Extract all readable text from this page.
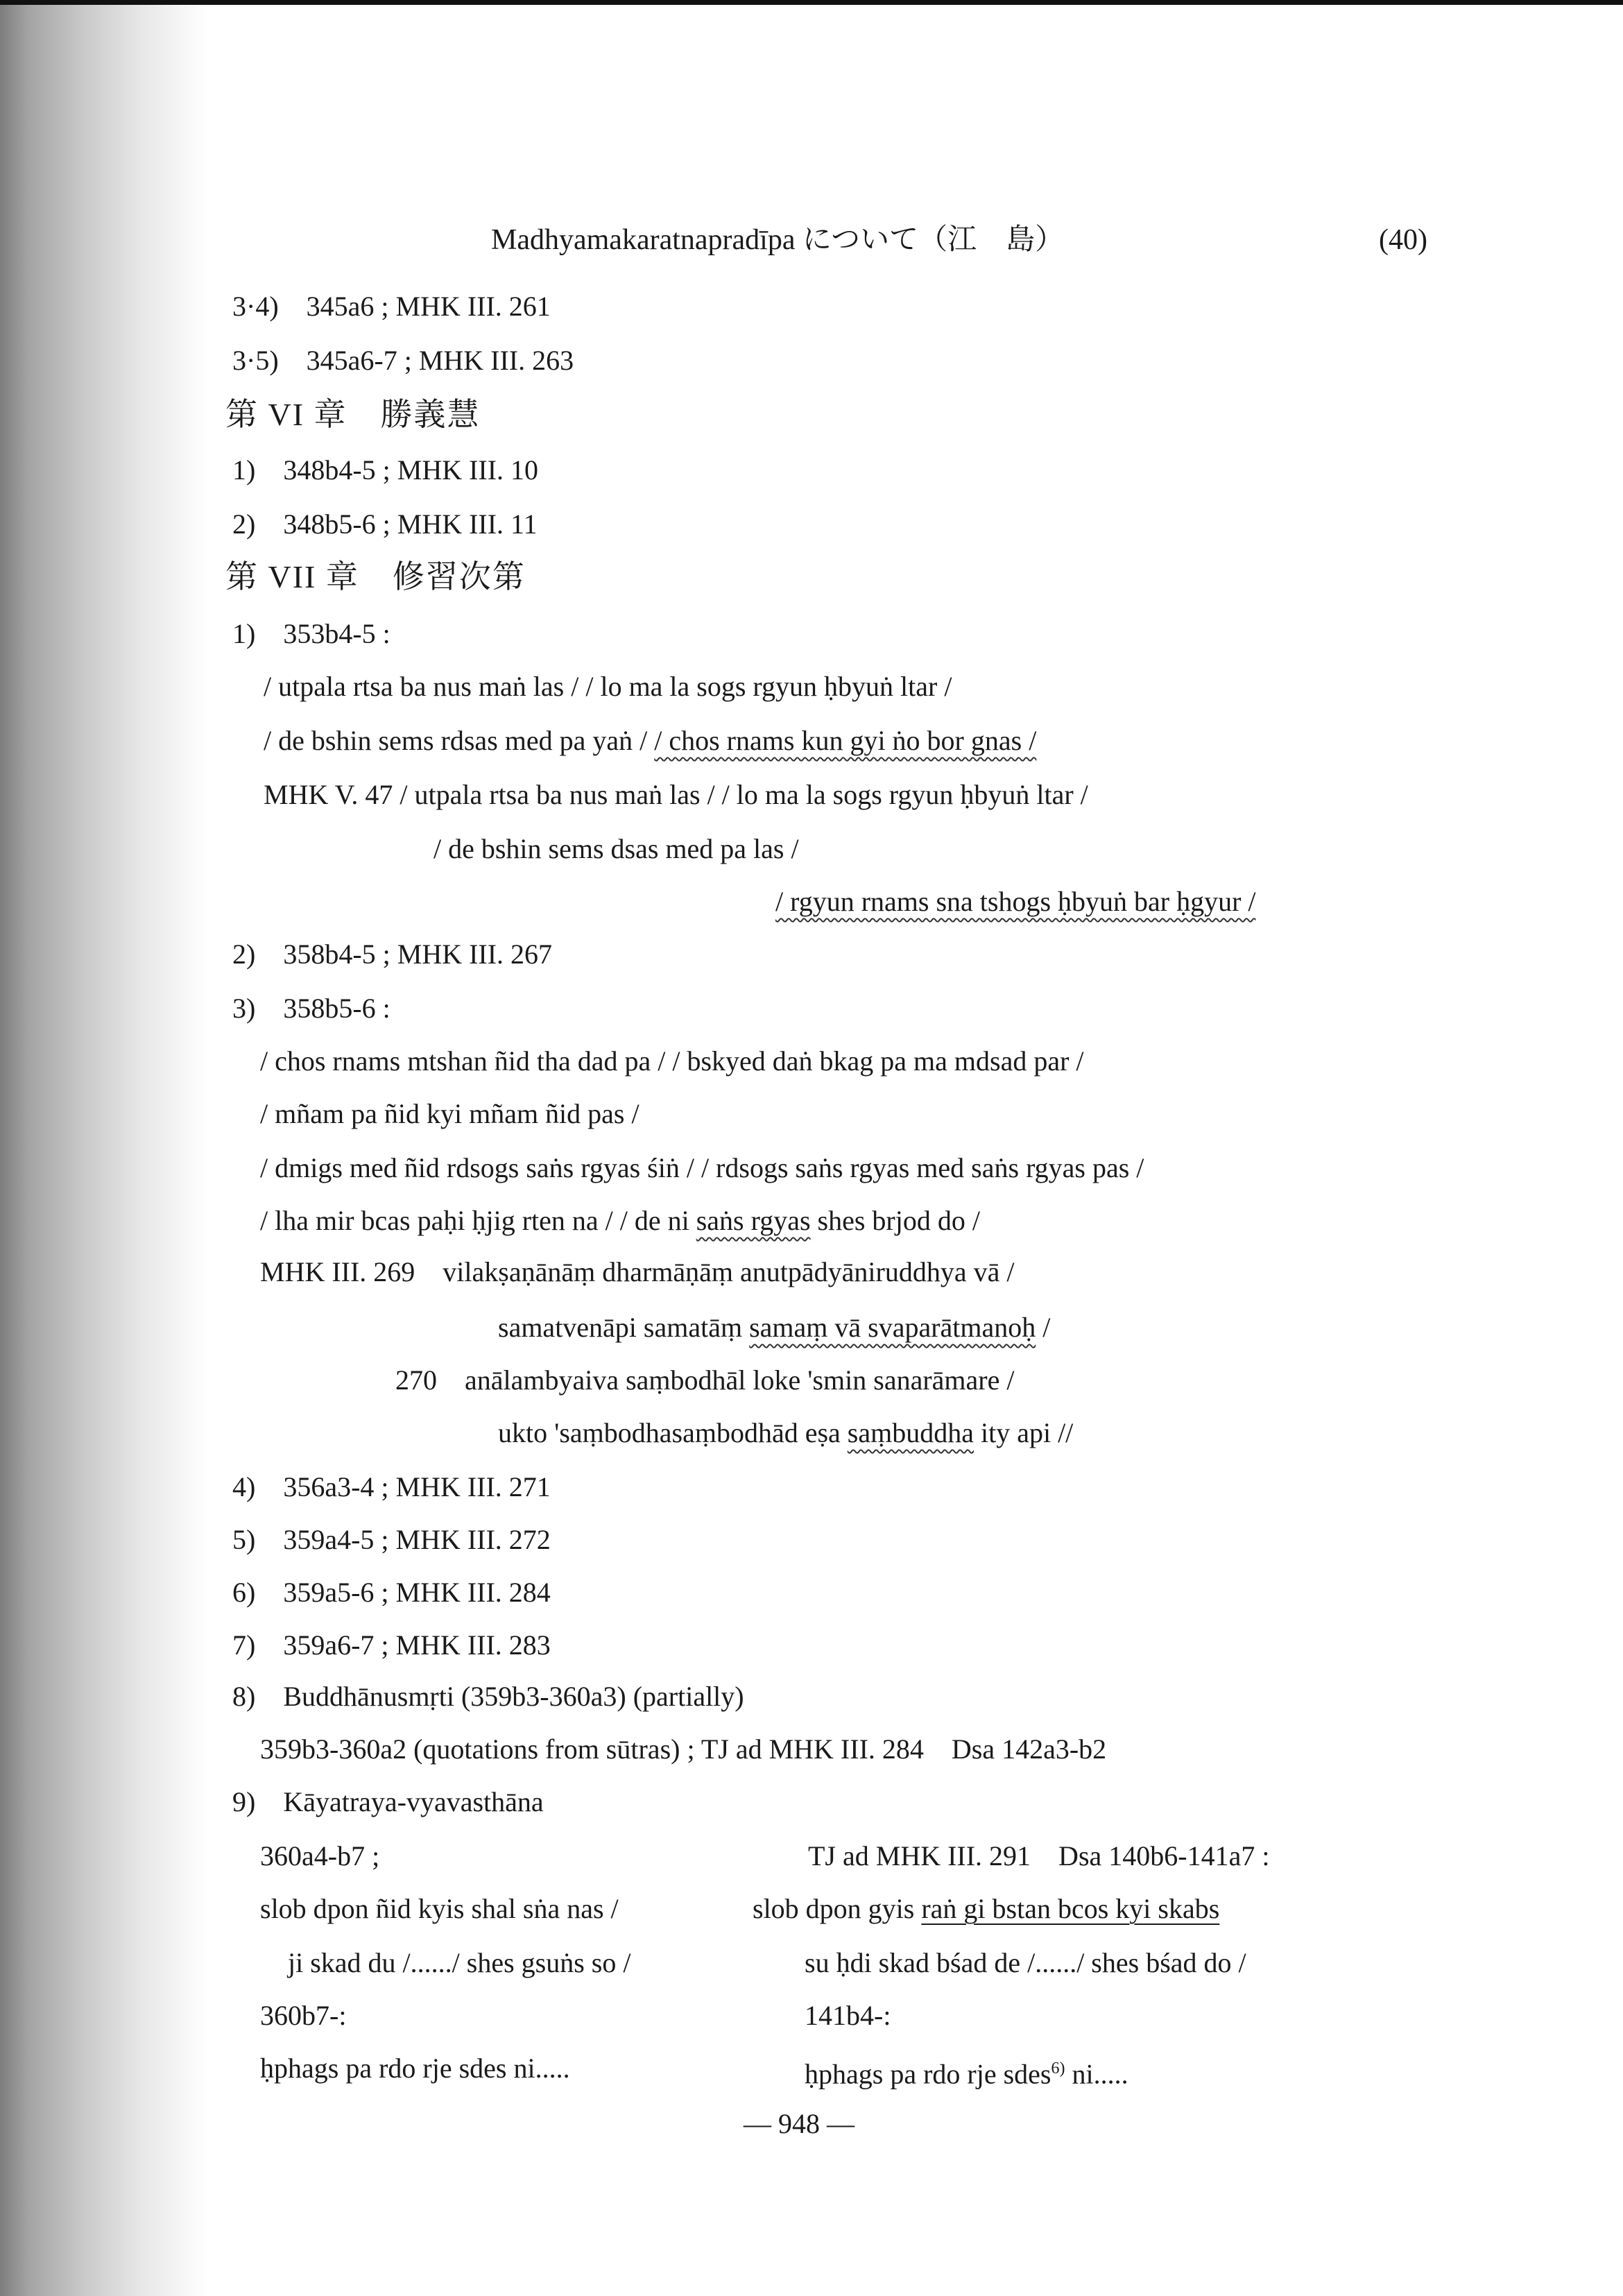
Madhyamakaratnapradīpa について（江　島）	(40)
3·4)　345a6 ; MHK III. 261
3·5)　345a6-7 ; MHK III. 263
第 VI 章　勝義慧
1)　348b4-5 ; MHK III. 10
2)　348b5-6 ; MHK III. 11
第 VII 章　修習次第
1)　353b4-5 :
/ utpala rtsa ba nus maṅ las / / lo ma la sogs rgyun ḥbyuṅ ltar /
/ de bshin sems rdsas med pa yaṅ / / chos rnams kun gyi ṅo bor gnas /
MHK V. 47 / utpala rtsa ba nus maṅ las / / lo ma la sogs rgyun ḥbyuṅ ltar /
/ de bshin sems dsas med pa las /
/ rgyun rnams sna tshogs ḥbyuṅ bar ḥgyur /
2)　358b4-5 ; MHK III. 267
3)　358b5-6 :
/ chos rnams mtshan ñid tha dad pa / / bskyed daṅ bkag pa ma mdsad par /
/ mñam pa ñid kyi mñam ñid pas /
/ dmigs med ñid rdsogs saṅs rgyas śiṅ / / rdsogs saṅs rgyas med saṅs rgyas pas /
/ lha mir bcas paḥi ḥjig rten na / / de ni saṅs rgyas shes brjod do /
MHK III. 269　vilakṣaṇānāṃ dharmāṇāṃ anutpādyāniruddhya vā /
samatvenāpi samatāṃ samaṃ vā svaparātmanoḥ /
270　anālambyaiva saṃbodhāl loke 'smin sanarāmare /
ukto 'saṃbodhasaṃbodhād eṣa saṃbuddha ity api //
4)　356a3-4 ; MHK III. 271
5)　359a4-5 ; MHK III. 272
6)　359a5-6 ; MHK III. 284
7)　359a6-7 ; MHK III. 283
8)　Buddhānusmṛti (359b3-360a3) (partially)
359b3-360a2 (quotations from sūtras) ; TJ ad MHK III. 284　Dsa 142a3-b2
9)　Kāyatraya-vyavasthāna
360a4-b7 ;	TJ ad MHK III. 291　Dsa 140b6-141a7 :
slob dpon ñid kyis shal sṅa nas /	slob dpon gyis raṅ gi bstan bcos kyi skabs
ji skad du /....../ shes gsuṅs so /	su ḥdi skad bśad de /....../ shes bśad do /
360b7-:	141b4-:
ḥphags pa rdo rje sdes ni.....	ḥphags pa rdo rje sdes$^{6)}$ ni.....
— 948 —
